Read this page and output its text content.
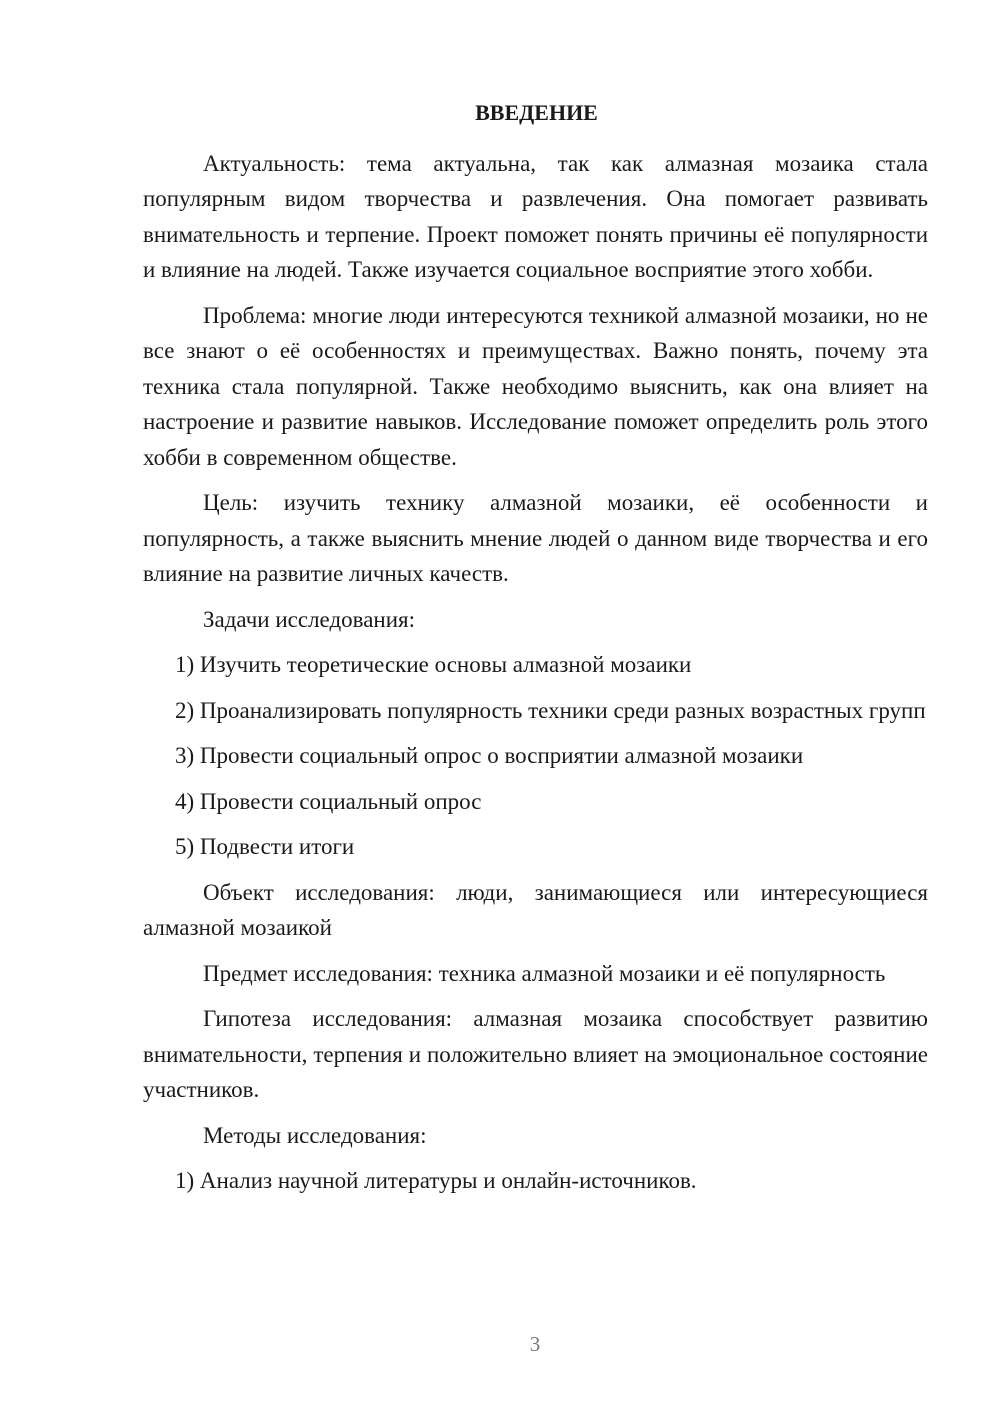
ВВЕДЕНИЕ

Актуальность: тема актуальна, так как алмазная мозаика стала популярным видом творчества и развлечения. Она помогает развивать внимательность и терпение. Проект поможет понять причины её популярности и влияние на людей. Также изучается социальное восприятие этого хобби.

Проблема: многие люди интересуются техникой алмазной мозаики, но не все знают о её особенностях и преимуществах. Важно понять, почему эта техника стала популярной. Также необходимо выяснить, как она влияет на настроение и развитие навыков. Исследование поможет определить роль этого хобби в современном обществе.

Цель: изучить технику алмазной мозаики, её особенности и популярность, а также выяснить мнение людей о данном виде творчества и его влияние на развитие личных качеств.

Задачи исследования:

1) Изучить теоретические основы алмазной мозаики

2) Проанализировать популярность техники среди разных возрастных групп

3) Провести социальный опрос о восприятии алмазной мозаики

4) Провести социальный опрос

5) Подвести итоги

Объект исследования: люди, занимающиеся или интересующиеся алмазной мозаикой

Предмет исследования: техника алмазной мозаики и её популярность

Гипотеза исследования: алмазная мозаика способствует развитию внимательности, терпения и положительно влияет на эмоциональное состояние участников.

Методы исследования:

1) Анализ научной литературы и онлайн-источников.

3
